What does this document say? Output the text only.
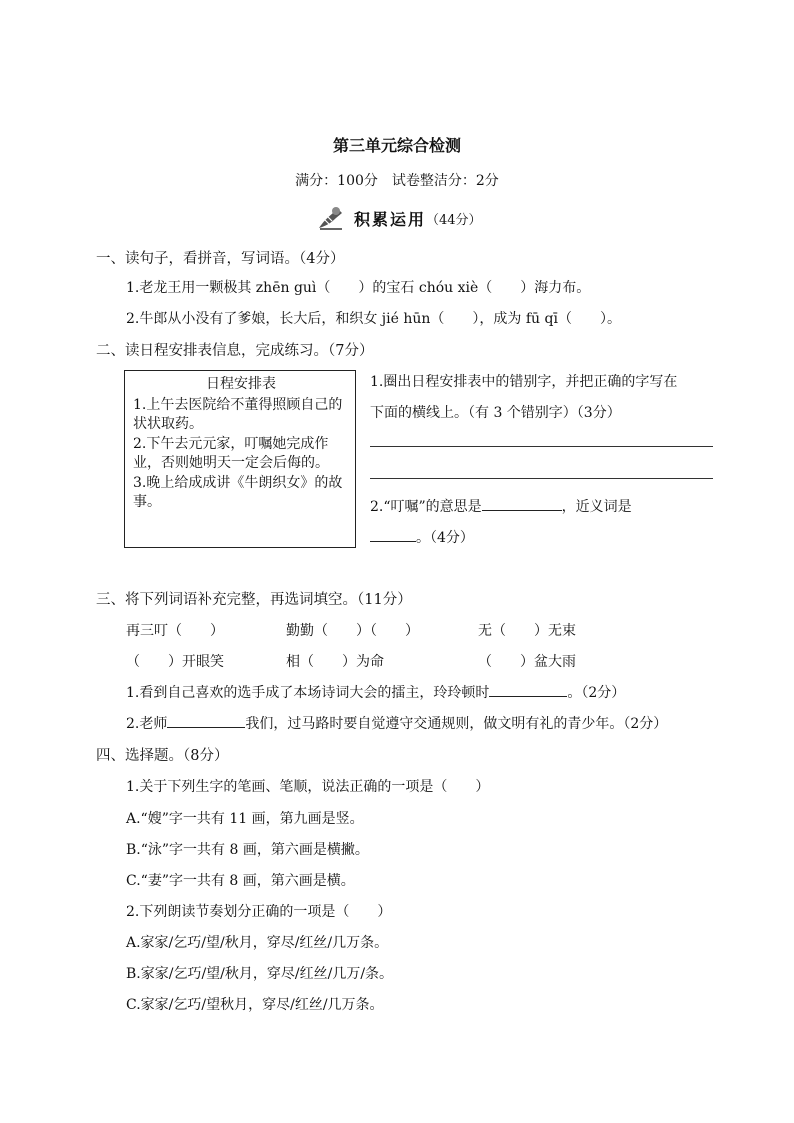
第三单元综合检测
满分：100分　试卷整洁分：2分
积累运用 （44分）
一、读句子，看拼音，写词语。（4分）
1.老龙王用一颗极其 zhēn guì（　　）的宝石 chóu xiè（　　）海力布。
2.牛郎从小没有了爹娘，长大后，和织女 jié hūn（　　），成为 fū qī（　　）。
二、读日程安排表信息，完成练习。（7分）
日程安排表
1.上午去医院给不董得照顾自己的状状取药。
2.下午去元元家，叮嘱她完成作业，否则她明天一定会后侮的。
3.晚上给成成讲《牛朗织女》的故事。
1.圈出日程安排表中的错别字，并把正确的字写在
下面的横线上。（有 3 个错别字）（3分）
2.“叮嘱”的意思是	，近义词是
。（4分）
三、将下列词语补充完整，再选词填空。（11分）
再三叮（　　）	勤勤（　　）（　　）	无（　　）无束
（　　）开眼笑	相（　　）为命	（　　）盆大雨
1.看到自己喜欢的选手成了本场诗词大会的擂主，玲玲顿时	。（2分）
2.老师	我们，过马路时要自觉遵守交通规则，做文明有礼的青少年。（2分）
四、选择题。（8分）
1.关于下列生字的笔画、笔顺，说法正确的一项是（　　）
A.“嫂”字一共有 11 画，第九画是竖。
B.“泳”字一共有 8 画，第六画是横撇。
C.“妻”字一共有 8 画，第六画是横。
2.下列朗读节奏划分正确的一项是（　　）
A.家家/乞巧/望/秋月，穿尽/红丝/几万条。
B.家家/乞巧/望/秋月，穿尽/红丝/几万/条。
C.家家/乞巧/望秋月，穿尽/红丝/几万条。
